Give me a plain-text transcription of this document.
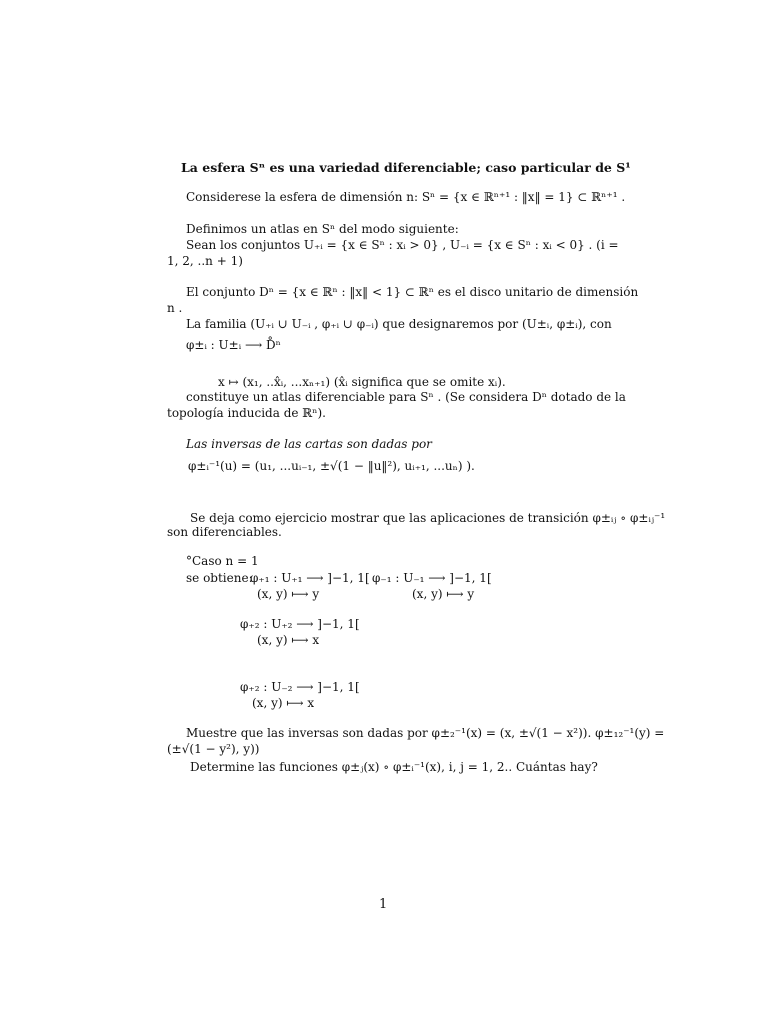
La esfera Sⁿ es una variedad diferenciable; caso particular de S¹
Considerese la esfera de dimensión n: Sⁿ = {x ∈ ℝⁿ⁺¹ : ‖x‖ = 1} ⊂ ℝⁿ⁺¹ .
Definimos un atlas en Sⁿ del modo siguiente:
Sean los conjuntos U₊ᵢ = {x ∈ Sⁿ : xᵢ > 0} , U₋ᵢ = {x ∈ Sⁿ : xᵢ < 0} . (i =
1, 2, ..n + 1)
El conjunto Dⁿ = {x ∈ ℝⁿ : ‖x‖ < 1} ⊂ ℝⁿ es el disco unitario de dimensión
n .
La familia (U₊ᵢ ∪ U₋ᵢ , φ₊ᵢ ∪ φ₋ᵢ) que designaremos por (U±ᵢ, φ±ᵢ), con
φ±ᵢ : U±ᵢ ⟶ D̊ⁿ
x ↦ (x₁, ..x̂ᵢ, ...xₙ₊₁) (x̂ᵢ significa que se omite xᵢ).
constituye un atlas diferenciable para Sⁿ . (Se considera Dⁿ dotado de la
topología inducida de ℝⁿ).
Las inversas de las cartas son dadas por
φ±ᵢ⁻¹(u) = (u₁, ...uᵢ₋₁, ±√(1 − ‖u‖²), uᵢ₊₁, ...uₙ) ).
Se deja como ejercicio mostrar que las aplicaciones de transición φ±ᵢⱼ ∘ φ±ᵢⱼ⁻¹
son diferenciables.
°Caso n = 1
se obtiene:
φ₊₁ : U₊₁ ⟶ ]−1, 1[
(x, y) ⟼ y
φ₋₁ : U₋₁ ⟶ ]−1, 1[
(x, y) ⟼ y
φ₊₂ : U₊₂ ⟶ ]−1, 1[
(x, y) ⟼ x
φ₊₂ : U₋₂ ⟶ ]−1, 1[
(x, y) ⟼ x
Muestre que las inversas son dadas por φ±₂⁻¹(x) = (x, ±√(1 − x²)). φ±₁₂⁻¹(y) =
(±√(1 − y²), y))
Determine las funciones φ±ⱼ(x) ∘ φ±ᵢ⁻¹(x), i, j = 1, 2.. Cuántas hay?
1
